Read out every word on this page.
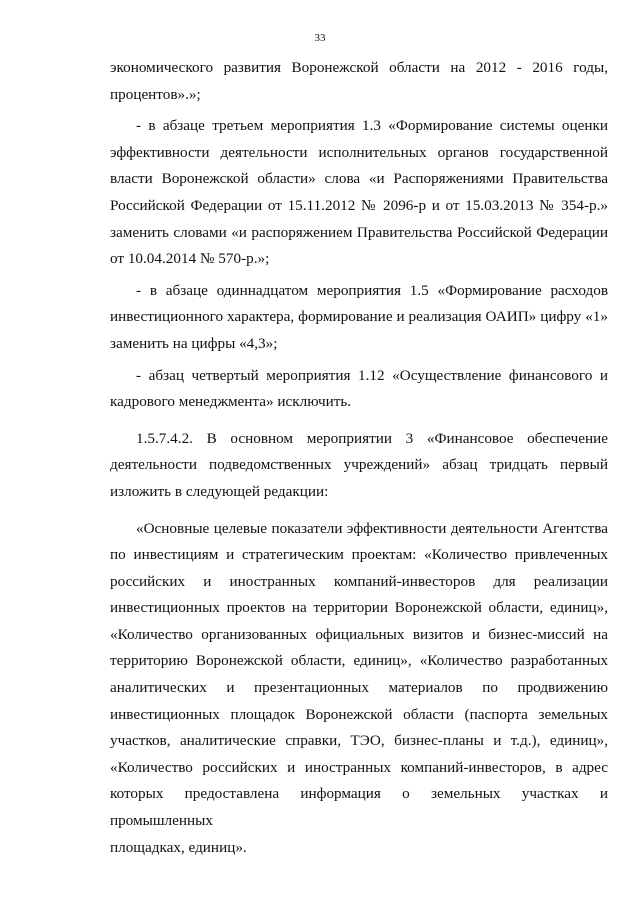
33

экономического развития Воронежской области на 2012 - 2016 годы,

процентов».»;

- в абзаце третьем мероприятия 1.3 «Формирование системы оценки

эффективности деятельности исполнительных органов государственной

власти Воронежской области» слова «и Распоряжениями Правительства

Российской Федерации от 15.11.2012 № 2096-р и от 15.03.2013 № 354-р.»

заменить словами «и распоряжением Правительства Российской Федерации

от 10.04.2014 № 570-р.»;

- в абзаце одиннадцатом мероприятия 1.5 «Формирование расходов

инвестиционного характера, формирование и реализация ОАИП» цифру «1»

заменить на цифры «4,3»;

- абзац четвертый мероприятия 1.12 «Осуществление финансового и

кадрового менеджмента» исключить.

1.5.7.4.2. В основном мероприятии 3 «Финансовое обеспечение

деятельности подведомственных учреждений» абзац тридцать первый

изложить в следующей редакции:

«Основные целевые показатели эффективности деятельности Агентства

по инвестициям и стратегическим проектам: «Количество привлеченных

российских и иностранных компаний-инвесторов для реализации

инвестиционных проектов на территории Воронежской области, единиц»,

«Количество организованных официальных визитов и бизнес-миссий на

территорию Воронежской области, единиц», «Количество разработанных

аналитических и презентационных материалов по продвижению

инвестиционных площадок Воронежской области (паспорта земельных

участков, аналитические справки, ТЭО, бизнес-планы и т.д.), единиц»,

«Количество российских и иностранных компаний-инвесторов, в адрес

которых предоставлена информация о земельных участках и промышленных

площадках, единиц».
